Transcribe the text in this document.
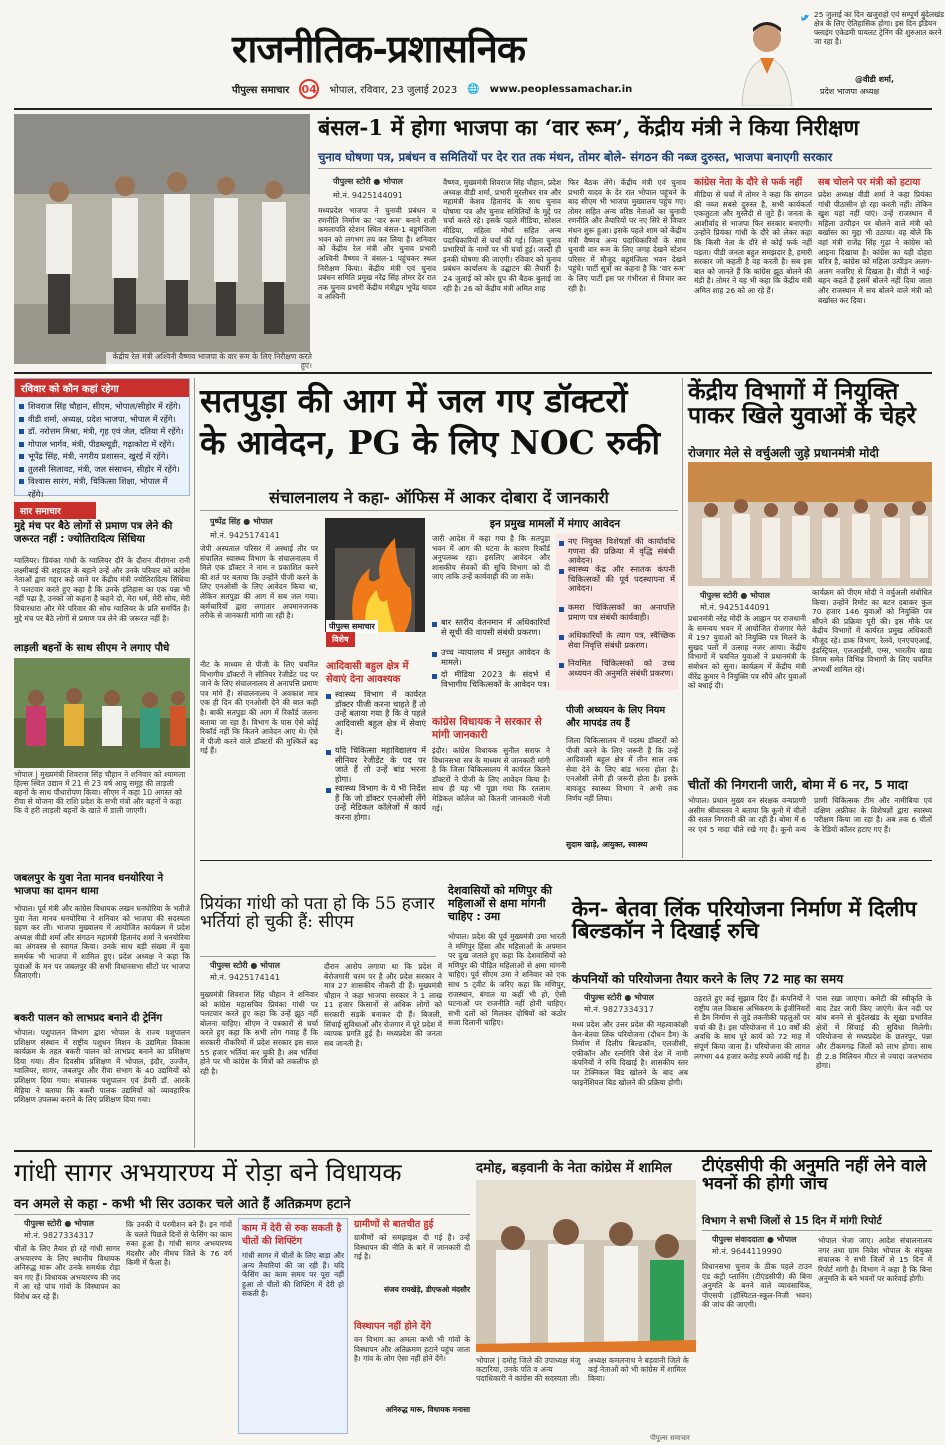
राजनीतिक-प्रशासनिक
पीपुल्स समाचार 04 भोपाल, रविवार, 23 जुलाई 2023 🌐 www.peoplessamachar.in
25 जुलाई का दिन खजुराहो एवं सम्पूर्ण बुंदेलखंड क्षेत्र के लिए ऐतिहासिक होगा। इस दिन इंडियन फ्लाइंग एकेडमी पायलट ट्रेनिंग की शुरुआत करने जा रहा है।
@वीडी शर्मा,
प्रदेश भाजपा अध्यक्ष
केंद्रीय रेल मंत्री अश्विनी वैष्णव भाजपा के वार रूम के लिए निरीक्षण करते हुए।
बंसल-1 में होगा भाजपा का ‘वार रूम’, केंद्रीय मंत्री ने किया निरीक्षण
चुनाव घोषणा पत्र, प्रबंधन व समितियों पर देर रात तक मंथन, तोमर बोले- संगठन की नब्ज दुरुस्त, भाजपा बनाएगी सरकार
पीपुल्स स्टोरी ● भोपाल
मो.नं. 9425144091
मध्यप्रदेश भाजपा ने चुनावी प्रबंधन व रणनीति निर्माण का ‘वार रूम’ बनाने राजी कमलापति स्टेशन स्थित बंसल-1 बहुमंजिला भवन को लगभग तय कर लिया है। शनिवार को केंद्रीय रेल मंत्री और चुनाव प्रभारी अश्विनी वैष्णव ने बंसल-1 पहुंचकर स्थल निरीक्षण किया। केंद्रीय मंत्री एवं चुनाव प्रबंधन समिति प्रमुख नरेंद्र सिंह तोमर देर रात तक चुनाव प्रभारी केंद्रीय मंत्रीद्वय भूपेंद्र यादव व अश्विनी
वैष्णव, मुख्यमंत्री शिवराज सिंह चौहान, प्रदेश अध्यक्ष वीडी शर्मा, प्रभारी मुरलीधर राव और महामंत्री केशव हितानंद के साथ चुनाव घोषणा पत्र और चुनाव समितियों के मुद्दे पर चर्चा करते रहे। इसके पहले मीडिया, सोशल मीडिया, महिला मोर्चा सहित अन्य पदाधिकारियों से चर्चा की गई। जिला चुनाव प्रभारियों के नामों पर भी चर्चा हुई। जल्दी ही इनकी घोषणा की जाएगी। रविवार को चुनाव प्रबंधन कार्यालय के उद्घाटन की तैयारी है। 24 जुलाई को कोर ग्रुप की बैठक बुलाई जा रही है। 26 को केंद्रीय मंत्री अमित शाह
फिर बैठक लेंगे। केंद्रीय मंत्री एवं चुनाव प्रभारी यादव के देर रात भोपाल पहुंचने के बाद सीएम भी भाजपा मुख्यालय पहुंच गए। तोमर सहित अन्य वरिष्ठ नेताओं का चुनावी रणनीति और तैयारियों पर नए सिरे से विचार मंथन शुरू हुआ। इसके पहले शाम को केंद्रीय मंत्री वैष्णव अन्य पदाधिकारियों के साथ चुनावी वार रूम के लिए जगह देखने स्टेशन परिसर में मौजूद बहुमंजिला भवन देखने पहुंचे। पार्टी सूत्रों का कहना है कि ‘वार रूम’ के लिए पार्टी इस पर गंभीरता से विचार कर रही है।
कांग्रेस नेता के दौरे से फर्क नहीं
मीडिया से चर्चा में तोमर ने कहा कि संगठन की नब्ज सबसे दुरुस्त है, सभी कार्यकर्ता एकजुटता और मुस्तैदी से जुटे हैं। जनता के आशीर्वाद से भाजपा फिर सरकार बनाएगी। उन्होंने प्रियंका गांधी के दौरे को लेकर कहा कि किसी नेता के दौरे से कोई फर्क नहीं पड़ता। पीडी जनता बहुत समझदार है, हमारी सरकार जो कहती है वह करती है। सब इस बात को जानते हैं कि कांग्रेस झूठ बोलने की मंडी है। तोमर ने यह भी कहा कि केंद्रीय मंत्री अमित शाह 26 को आ रहे हैं।
सब चोलने पर मंत्री को हटाया
प्रदेश अध्यक्ष वीडी शर्मा ने कहा प्रियंका गांधी पीठासीन हो रहा करती नहीं। लेकिन खुश यहां नहीं पाएं। उन्हें राजस्थान में महिला उत्पीड़न पर बोलने वाले मंत्री को बर्खास्त का मुद्दा भी उठाया। वह बोले कि वहां मंत्री राजेंद्र सिंह गुढ़ा ने कांग्रेस को आइना दिखाया है। कांग्रेस का यही दोहरा चरित्र है, कांग्रेस को महिला उत्पीड़न अलग-अलग नजरिए से दिखता है। वीडी ने भाई-बहन कहते हैं इसमें बोलने नहीं दिया जाता और राजस्थान में सच बोलने वाले मंत्री को बर्खास्त कर दिया।
रविवार को कौन कहां रहेगा
शिवराज सिंह चौहान, सीएम, भोपाल/सीहोर में रहेंगे।
वीडी शर्मा, अध्यक्ष, प्रदेश भाजपा, भोपाल में रहेंगे।
डॉ. नरोत्तम मिश्रा, मंत्री, गृह एवं जेल, दतिया में रहेंगे।
गोपाल भार्गव, मंत्री, पीडब्ल्यूडी, गढ़ाकोटा में रहेंगे।
भूपेंद्र सिंह, मंत्री, नगरीय प्रशासन, खुरई में रहेंगे।
तुलसी सिलावट, मंत्री, जल संसाधन, सीहोर में रहेंगे।
विश्वास सारंग, मंत्री, चिकित्सा शिक्षा, भोपाल में रहेंगे।
सार समाचार
मुद्दे मंच पर बैठे लोगों से प्रमाण पत्र लेने की जरूरत नहीं : ज्योतिरादित्य सिंधिया
ग्वालियर। प्रियंका गांधी के ग्वालियर दौरे के दौरान वीरांगना रानी लक्ष्मीबाई की शहादत के बहाने उन्हें और उनके परिवार को कांग्रेस नेताओं द्वारा गद्दार कहे जाने पर केंद्रीय मंत्री ज्योतिरादित्य सिंधिया ने पलटवार करते हुए कहा है कि उनके इतिहास का एक पन्ना भी नहीं पढ़ा है, उनको जो कहना है कहने दो, मेरा धर्म, मेरी सोच, मेरी विचारधारा और मेरे परिवार की सोच ग्वालियर के प्रति समर्पित है। मुद्दे मंच पर बैठे लोगों से प्रमाण पत्र लेने की जरूरत नहीं है।
लाड़ली बहनों के साथ सीएम ने लगाए पौधे
भोपाल | मुख्यमंत्री शिवराज सिंह चौहान ने शनिवार को श्यामला हिल्स स्थित उद्यान में 21 से 23 वर्ष आयु समूह की लाड़ली बहनों के साथ पौधारोपण किया। सीएम ने कहा 10 अगस्त को रीवा से योजना की राशि प्रदेश के सभी मंत्रों और बहनों ने कहा कि वे हरी लाड़ली बहनों के खाते में डाली जाएगी।
जबलपुर के युवा नेता मानव धनयोरिया ने भाजपा का दामन थामा
भोपाल। पूर्व मंत्री और कांग्रेस विधायक लखन घनघोरिया के भतीजे युवा नेता मानव धनयोरिया ने शनिवार को भाजपा की सदस्यता ग्रहण कर ली। भाजपा मुख्यालय में आयोजित कार्यक्रम में प्रदेश अध्यक्ष वीडी शर्मा और संगठन महामंत्री हितानंद शर्मा ने धनयोरिया का अंगवस्त्र से स्वागत किया। उनके साथ बड़ी संख्या में युवा समर्थक भी भाजपा में शामिल हुए। प्रदेश अध्यक्ष ने कहा कि युवाओं के मन पर जबलपुर की सभी विधानसभा सीटों पर भाजपा जिताएगी।
बकरी पालन को लाभप्रद बनाने दी ट्रेनिंग
भोपाल। पशुपालन विभाग द्वारा भोपाल के राज्य पशुपालन प्रशिक्षण संस्थान में राष्ट्रीय पशुधन मिशन के उद्यमिता विकास कार्यक्रम के तहत बकरी पालन को लाभप्रद बनाने का प्रशिक्षण दिया गया। तीन दिवसीय प्रशिक्षण में भोपाल, इंदौर, उज्जैन, ग्वालियर, सागर, जबलपुर और रीवा संभाग के 40 उद्यमियों को प्रशिक्षण दिया गया। संचालक पशुपालन एवं डेयरी डॉ. आरके मेहिया ने बताया कि बकरी पालक उद्यमियों को व्यावहारिक प्रशिक्षण उपलब्ध कराने के लिए प्रशिक्षण दिया गया।
सतपुड़ा की आग में जल गए डॉक्टरों
के आवेदन, PG के लिए NOC रुकी
संचालनालय ने कहा- ऑफिस में आकर दोबारा दें जानकारी
पुष्पेंद्र सिंह ● भोपाल
मो.नं. 9425174141
जेपी अस्पताल परिसर में अस्थाई तौर पर संचालित स्वास्थ्य विभाग के संचालनालय में मिले एक डॉक्टर ने नाम न प्रकाशित करने की शर्त पर बताया कि उन्होंने पीजी करने के लिए एनओसी के लिए आवेदन किया था, लेकिन सतपुड़ा की आग में सब जल गया। कर्मचारियों द्वारा लगातार अपमानजनक तरीके से जानकारी मांगी जा रही है।
नीट के माध्यम से पीजी के लिए चयनित विभागीय डॉक्टरों ने सीनियर रेजीडेंट पद पर जाने के लिए संचालनालय से अनापत्ति प्रमाण पत्र मांगे हैं। संचालनालय ने अवकाश मात्र एक ही दिन की एनओसी देने की बात कही है। बाकी सतपुड़ा की आग में रिकॉर्ड जलना बताया जा रहा है। विभाग के पास ऐसे कोई रिकॉर्ड नहीं कि कितने आवेदन आए थे। ऐसे में पीजी करने वाले डॉक्टरों की मुश्किलें बढ़ गई हैं।
पीपुल्स समाचार
विशेष
आदिवासी बहुल क्षेत्र में सेवाएं देना आवश्यक
स्वास्थ्य विभाग में कार्यरत डॉक्टर पीजी करना चाहते हैं तो उन्हें बताया गया है कि वे पहले आदिवासी बहुल क्षेत्र में सेवाएं दें।
यदि चिकित्सा महाविद्यालय में सीनियर रेजीडेंट के पद पर जाते हैं तो उन्हें बांड भरना होगा।
स्वास्थ्य विभाग के ये भी निर्देश हैं कि जो डॉक्टर एनओसी लेंगे उन्हें मेडिकल कॉलेजों में कार्य करना होगा।
इन प्रमुख मामलों में मंगाए आवेदन
जारी आदेश में कहा गया है कि सतपुड़ा भवन में आग की घटना के कारण रिकॉर्ड अनुपलब्ध रहा। इसलिए आवेदन और शासकीय सेवकों की सूचि विभाग को दी जाए ताकि उन्हें कार्यवाही की जा सके।
बार स्तरीय वेतनमान में अधिकारियों से सूची की वापसी संबंधी प्रकरण।
उच्च न्यायालय में प्रस्तुत आवेदन के मामले।
दो मीडिया 2023 के संदर्भ में विभागीय चिकित्सकों के आवेदन पत्र।
नए नियुक्त विशेषज्ञों की कार्यावधि गणना की प्रक्रिया में वृद्धि संबंधी आवेदन।
स्वास्थ्य केंद्र और स्नातक कंपनी चिकित्सकों की पूर्व पदस्थापना में आवेदन।
कमरा चिकित्सकों का अनापत्ति प्रमाण पत्र संबंधी कार्यवाही।
अधिकारियों के त्याग पत्र, स्वैच्छिक सेवा निवृत्ति संबंधी प्रकरण।
नियमित चिकित्सकों को उच्च अध्ययन की अनुमति संबंधी प्रकरण।
कांग्रेस विधायक ने सरकार से मांगी जानकारी
इंदौर। कांग्रेस विधायक सुनील सराफ ने विधानसभा सत्र के माध्यम से जानकारी मांगी है कि जिला चिकित्सालय में कार्यरत कितने डॉक्टरों ने पीजी के लिए आवेदन किया है। साथ ही यह भी पूछा गया कि रतलाम मेडिकल कॉलेज को कितनी जानकारी भेजी गई।
पीजी अध्ययन के लिए नियम और मापदंड तय हैं
जिला चिकित्सालय में पदस्थ डॉक्टरों को पीजी करने के लिए जरूरी है कि उन्हें आदिवासी बहुल क्षेत्र में तीन साल तक सेवा देने के लिए बांड भरना होता है। एनओसी लेनी ही जरूरी होता है। इसके बावजूद स्वास्थ्य विभाग ने अभी तक निर्णय नहीं लिया।
सुदाम खाड़े, आयुक्त, स्वास्थ्य
केंद्रीय विभागों में नियुक्ति पाकर खिले युवाओं के चेहरे
रोजगार मेले से वर्चुअली जुड़े प्रधानमंत्री मोदी
पीपुल्स स्टोरी ● भोपाल
मो.नं. 9425144091
प्रधानमंत्री नरेंद्र मोदी के आह्वान पर राजधानी के समन्वय भवन में आयोजित रोजगार मेले में 197 युवाओं को नियुक्ति पत्र मिलने के सुखद पलों में उत्साह नजर आया। केंद्रीय विभागों में चयनित युवाओं ने प्रधानमंत्री के संबोधन को सुना। कार्यक्रम में केंद्रीय मंत्री वीरेंद्र कुमार ने नियुक्ति पत्र सौंपे और युवाओं को बधाई दी।
कार्यक्रम को पीएम मोदी ने वर्चुअली संबोधित किया। उन्होंने रिमोट का बटन दबाकर कुल 70 हजार 146 युवाओं को नियुक्ति पत्र सौंपने की प्रक्रिया पूरी की। इस मौके पर केंद्रीय विभागों में कार्यरत प्रमुख अधिकारी मौजूद रहे। डाक विभाग, रेलवे, एनएचएआई, इंडस्ट्रियल, एलआईसी, एम्स, भारतीय खाद्य निगम समेत विभिन्न विभागों के लिए चयनित अभ्यर्थी शामिल रहे।
चीतों की निगरानी जारी, बोमा में 6 नर, 5 मादा
भोपाल। प्रधान मुख्य वन संरक्षक वन्यप्राणी असीम श्रीवास्तव ने बताया कि कूनो में चीतों की सतत निगरानी की जा रही है। बोमा में 6 नर एवं 5 मादा चीते रखे गए हैं। कूनो वन्य प्राणी चिकित्सक टीम और नामीबिया एवं दक्षिण अफ्रीका के विशेषज्ञों द्वारा स्वास्थ्य परीक्षण किया जा रहा है। अब तक 6 चीतों के रेडियो कॉलर हटाए गए हैं।
प्रियंका गांधी को पता हो कि 55 हजार भर्तियां हो चुकी हैं: सीएम
पीपुल्स स्टोरी ● भोपाल
मो.नं. 9425174141
मुख्यमंत्री शिवराज सिंह चौहान ने शनिवार को कांग्रेस महासचिव प्रियंका गांधी पर पलटवार करते हुए कहा कि उन्हें झूठ नहीं बोलना चाहिए। सीएम ने पत्रकारों से चर्चा करते हुए कहा कि सभी लोग गवाह हैं कि सरकारी नौकरियों में प्रदेश सरकार इस साल 55 हजार भर्तियां कर चुकी है। अब भर्तियां होने पर भी कांग्रेस के मित्रों को तकलीफ हो रही है।
दौरान आरोप लगाया था कि प्रदेश में बेरोजगारी चरम पर है और प्रदेश सरकार ने मात्र 27 शासकीय नौकरी दी हैं। मुख्यमंत्री चौहान ने कहा भाजपा सरकार ने 1 लाख 11 हजार किसानों से अधिक लोगों को सरकारी सड़कें बनाकर दी हैं। बिजली, सिंचाई सुविधाओं और रोजगार में पूरे प्रदेश में व्यापक प्रगति हुई है। मध्यप्रदेश की जनता सब जानती है।
देशवासियों को मणिपुर की महिलाओं से क्षमा मांगनी चाहिए : उमा
भोपाल। प्रदेश की पूर्व मुख्यमंत्री उमा भारती ने मणिपुर हिंसा और महिलाओं के अपमान पर दुख जताते हुए कहा कि देशवासियों को मणिपुर की पीड़ित महिलाओं से क्षमा मांगनी चाहिए। पूर्व सीएम उमा ने शनिवार को एक साथ 5 ट्वीट के जरिए कहा कि मणिपुर, राजस्थान, बंगाल या कहीं भी हो, ऐसी घटनाओं पर राजनीति नहीं होनी चाहिए। सभी दलों को मिलकर दोषियों को कठोर सजा दिलानी चाहिए।
केन- बेतवा लिंक परियोजना निर्माण में दिलीप बिल्डकॉन ने दिखाई रुचि
कंपनियों को परियोजना तैयार करने के लिए 72 माह का समय
पीपुल्स स्टोरी ● भोपाल
मो.नं. 9827334317
मध्य प्रदेश और उत्तर प्रदेश की महत्वाकांक्षी केन-बेतवा लिंक परियोजना (दौधन डैम) के निर्माण में दिलीप बिल्डकॉन, एलजीसी, एफीकॉन और रत्नगिरि जैसे देश में नामी कंपनियों ने रुचि दिखाई है। शासकीय स्तर पर टेक्निकल बिड खोलने के बाद अब फाइनेंशियल बिड खोलने की प्रक्रिया होगी।
ठहराते हुए कई सुझाव दिए हैं। कंपनियों ने राष्ट्रीय जल विकास अभिकरण के इंजीनियरों से डैम निर्माण से जुड़े तकनीकी पहलुओं पर चर्चा की है। इस परियोजना में 10 वर्षों की अवधि के साथ पूरे कार्य को 72 माह में संपूर्ण किया जाना है। परियोजना की लागत लगभग 44 हजार करोड़ रुपये आंकी गई है।
पास रखा जाएगा। कमेटी की स्वीकृति के बाद टेंडर जारी किए जाएंगे। केन नदी पर बांध बनने से बुंदेलखंड के सूखा प्रभावित क्षेत्रों में सिंचाई की सुविधा मिलेगी। परियोजना से मध्यप्रदेश के छतरपुर, पन्ना और टीकमगढ़ जिलों को लाभ होगा। साथ ही 2.8 मिलियन मीटर से ज्यादा जलभराव होगा।
गांधी सागर अभयारण्य में रोड़ा बने विधायक
वन अमले से कहा - कभी भी सिर उठाकर चले आते हैं अतिक्रमण हटाने
पीपुल्स स्टोरी ● भोपाल
मो.नं. 9827334317
चीतों के लिए तैयार हो रहे गांधी सागर अभयारण्य के लिए स्थानीय विधायक अनिरुद्ध मारू और उनके समर्थक रोड़ा बन गए हैं। विधायक अभयारण्य की जद में आ रहे पांच गांवों के विस्थापन का विरोध कर रहे हैं।
कि उनकी ये परमीशन बने हैं। इन गांवों के चलते पिछले दिनों से फेसिंग का काम रुका हुआ है। गांधी सागर अभयारण्य मंदसौर और नीमच जिले के 76 वर्ग किमी में फैला है।
काम में देरी से रुक सकती है चीतों की शिफ्टिंग
गांधी सागर में चीतों के लिए बाड़ा और अन्य तैयारियां की जा रही हैं। यदि फेंसिंग का काम समय पर पूरा नहीं हुआ तो चीतों की शिफ्टिंग में देरी हो सकती है।
ग्रामीणों से बातचीत हुई
ग्रामीणों को समझाइश दी गई है। उन्हें विस्थापन की नीति के बारे में जानकारी दी गई है।
संजय रायखेड़े, डीएफओ मंदसौर
विस्थापन नहीं होने देंगे
वन विभाग का अमला कभी भी गांवों के विस्थापन और अतिक्रमण हटाने पहुंच जाता है। गांव के लोग ऐसा नहीं होने देंगे।
अनिरुद्ध मारू, विधायक मनासा
दमोह, बड़वानी के नेता कांग्रेस में शामिल
भोपाल | दमोह जिले की उपाध्यक्ष मंजू कटारिया, उनके पति व अन्य पदाधिकारी ने कांग्रेस की सदस्यता ली।
अध्यक्ष कमलनाथ ने बड़वानी जिले के कई नेताओं को भी कांग्रेस में शामिल किया।
टीएंडसीपी की अनुमति नहीं लेने वाले भवनों की होगी जांच
विभाग ने सभी जिलों से 15 दिन में मांगी रिपोर्ट
पीपुल्स संवाददाता ● भोपाल
मो.नं. 9644119990
विधानसभा चुनाव के ठीक पहले टाउन एंड कंट्री प्लानिंग (टीएंडसीपी) की बिना अनुमति के बनने वाले व्यावसायिक, पीएसपी (हॉस्पिटल-स्कूल-निजी भवन) की जांच की जाएगी।
भोपाल भेजा जाए। आदेश संचालनालय नगर तथा ग्राम निवेश भोपाल के संयुक्त संचालक ने सभी जिलों से 15 दिन में रिपोर्ट मांगी है। विभाग ने कहा है कि बिना अनुमति के बने भवनों पर कार्रवाई होगी।
पीपुल्स समाचार
